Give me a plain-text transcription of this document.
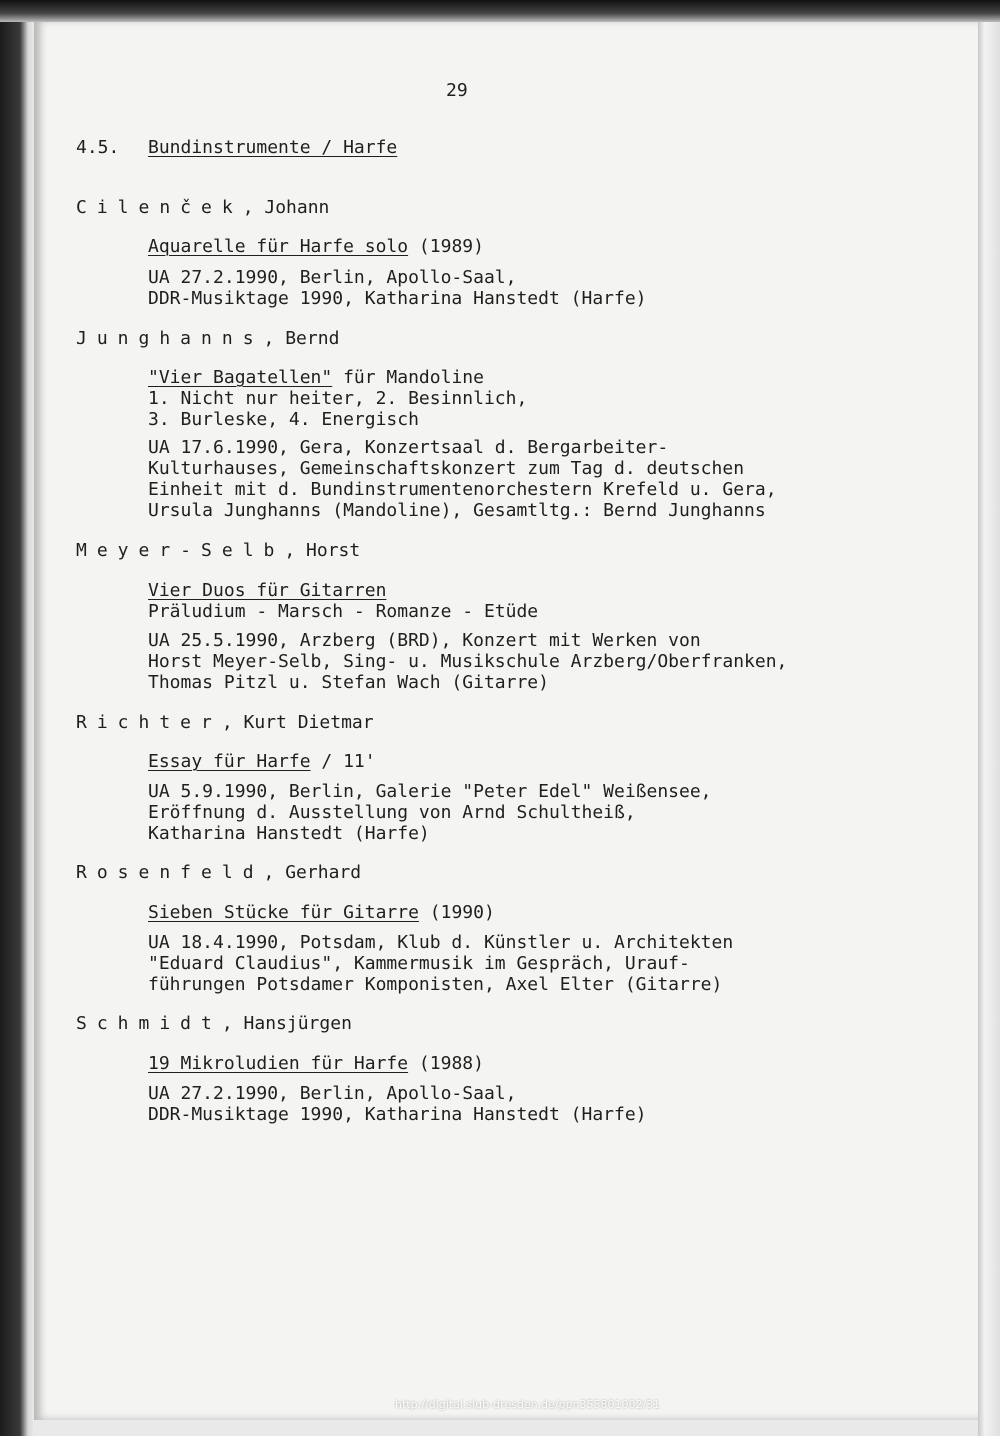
29
4.5. Bundinstrumente / Harfe
Cilenček, Johann
Aquarelle für Harfe solo (1989)
UA 27.2.1990, Berlin, Apollo-Saal,
DDR-Musiktage 1990, Katharina Hanstedt (Harfe)
Junghanns, Bernd
"Vier Bagatellen" für Mandoline
1. Nicht nur heiter, 2. Besinnlich,
3. Burleske, 4. Energisch
UA 17.6.1990, Gera, Konzertsaal d. Bergarbeiter-
Kulturhauses, Gemeinschaftskonzert zum Tag d. deutschen
Einheit mit d. Bundinstrumentenorchestern Krefeld u. Gera,
Ursula Junghanns (Mandoline), Gesamtltg.: Bernd Junghanns
Meyer-Selb, Horst
Vier Duos für Gitarren
Präludium - Marsch - Romanze - Etüde
UA 25.5.1990, Arzberg (BRD), Konzert mit Werken von
Horst Meyer-Selb, Sing- u. Musikschule Arzberg/Oberfranken,
Thomas Pitzl u. Stefan Wach (Gitarre)
Richter, Kurt Dietmar
Essay für Harfe / 11'
UA 5.9.1990, Berlin, Galerie "Peter Edel" Weißensee,
Eröffnung d. Ausstellung von Arnd Schultheiß,
Katharina Hanstedt (Harfe)
Rosenfeld, Gerhard
Sieben Stücke für Gitarre (1990)
UA 18.4.1990, Potsdam, Klub d. Künstler u. Architekten
"Eduard Claudius", Kammermusik im Gespräch, Urauf-
führungen Potsdamer Komponisten, Axel Elter (Gitarre)
Schmidt, Hansjürgen
19 Mikroludien für Harfe (1988)
UA 27.2.1990, Berlin, Apollo-Saal,
DDR-Musiktage 1990, Katharina Hanstedt (Harfe)
http://digital.slub-dresden.de/ppn355801002/31
